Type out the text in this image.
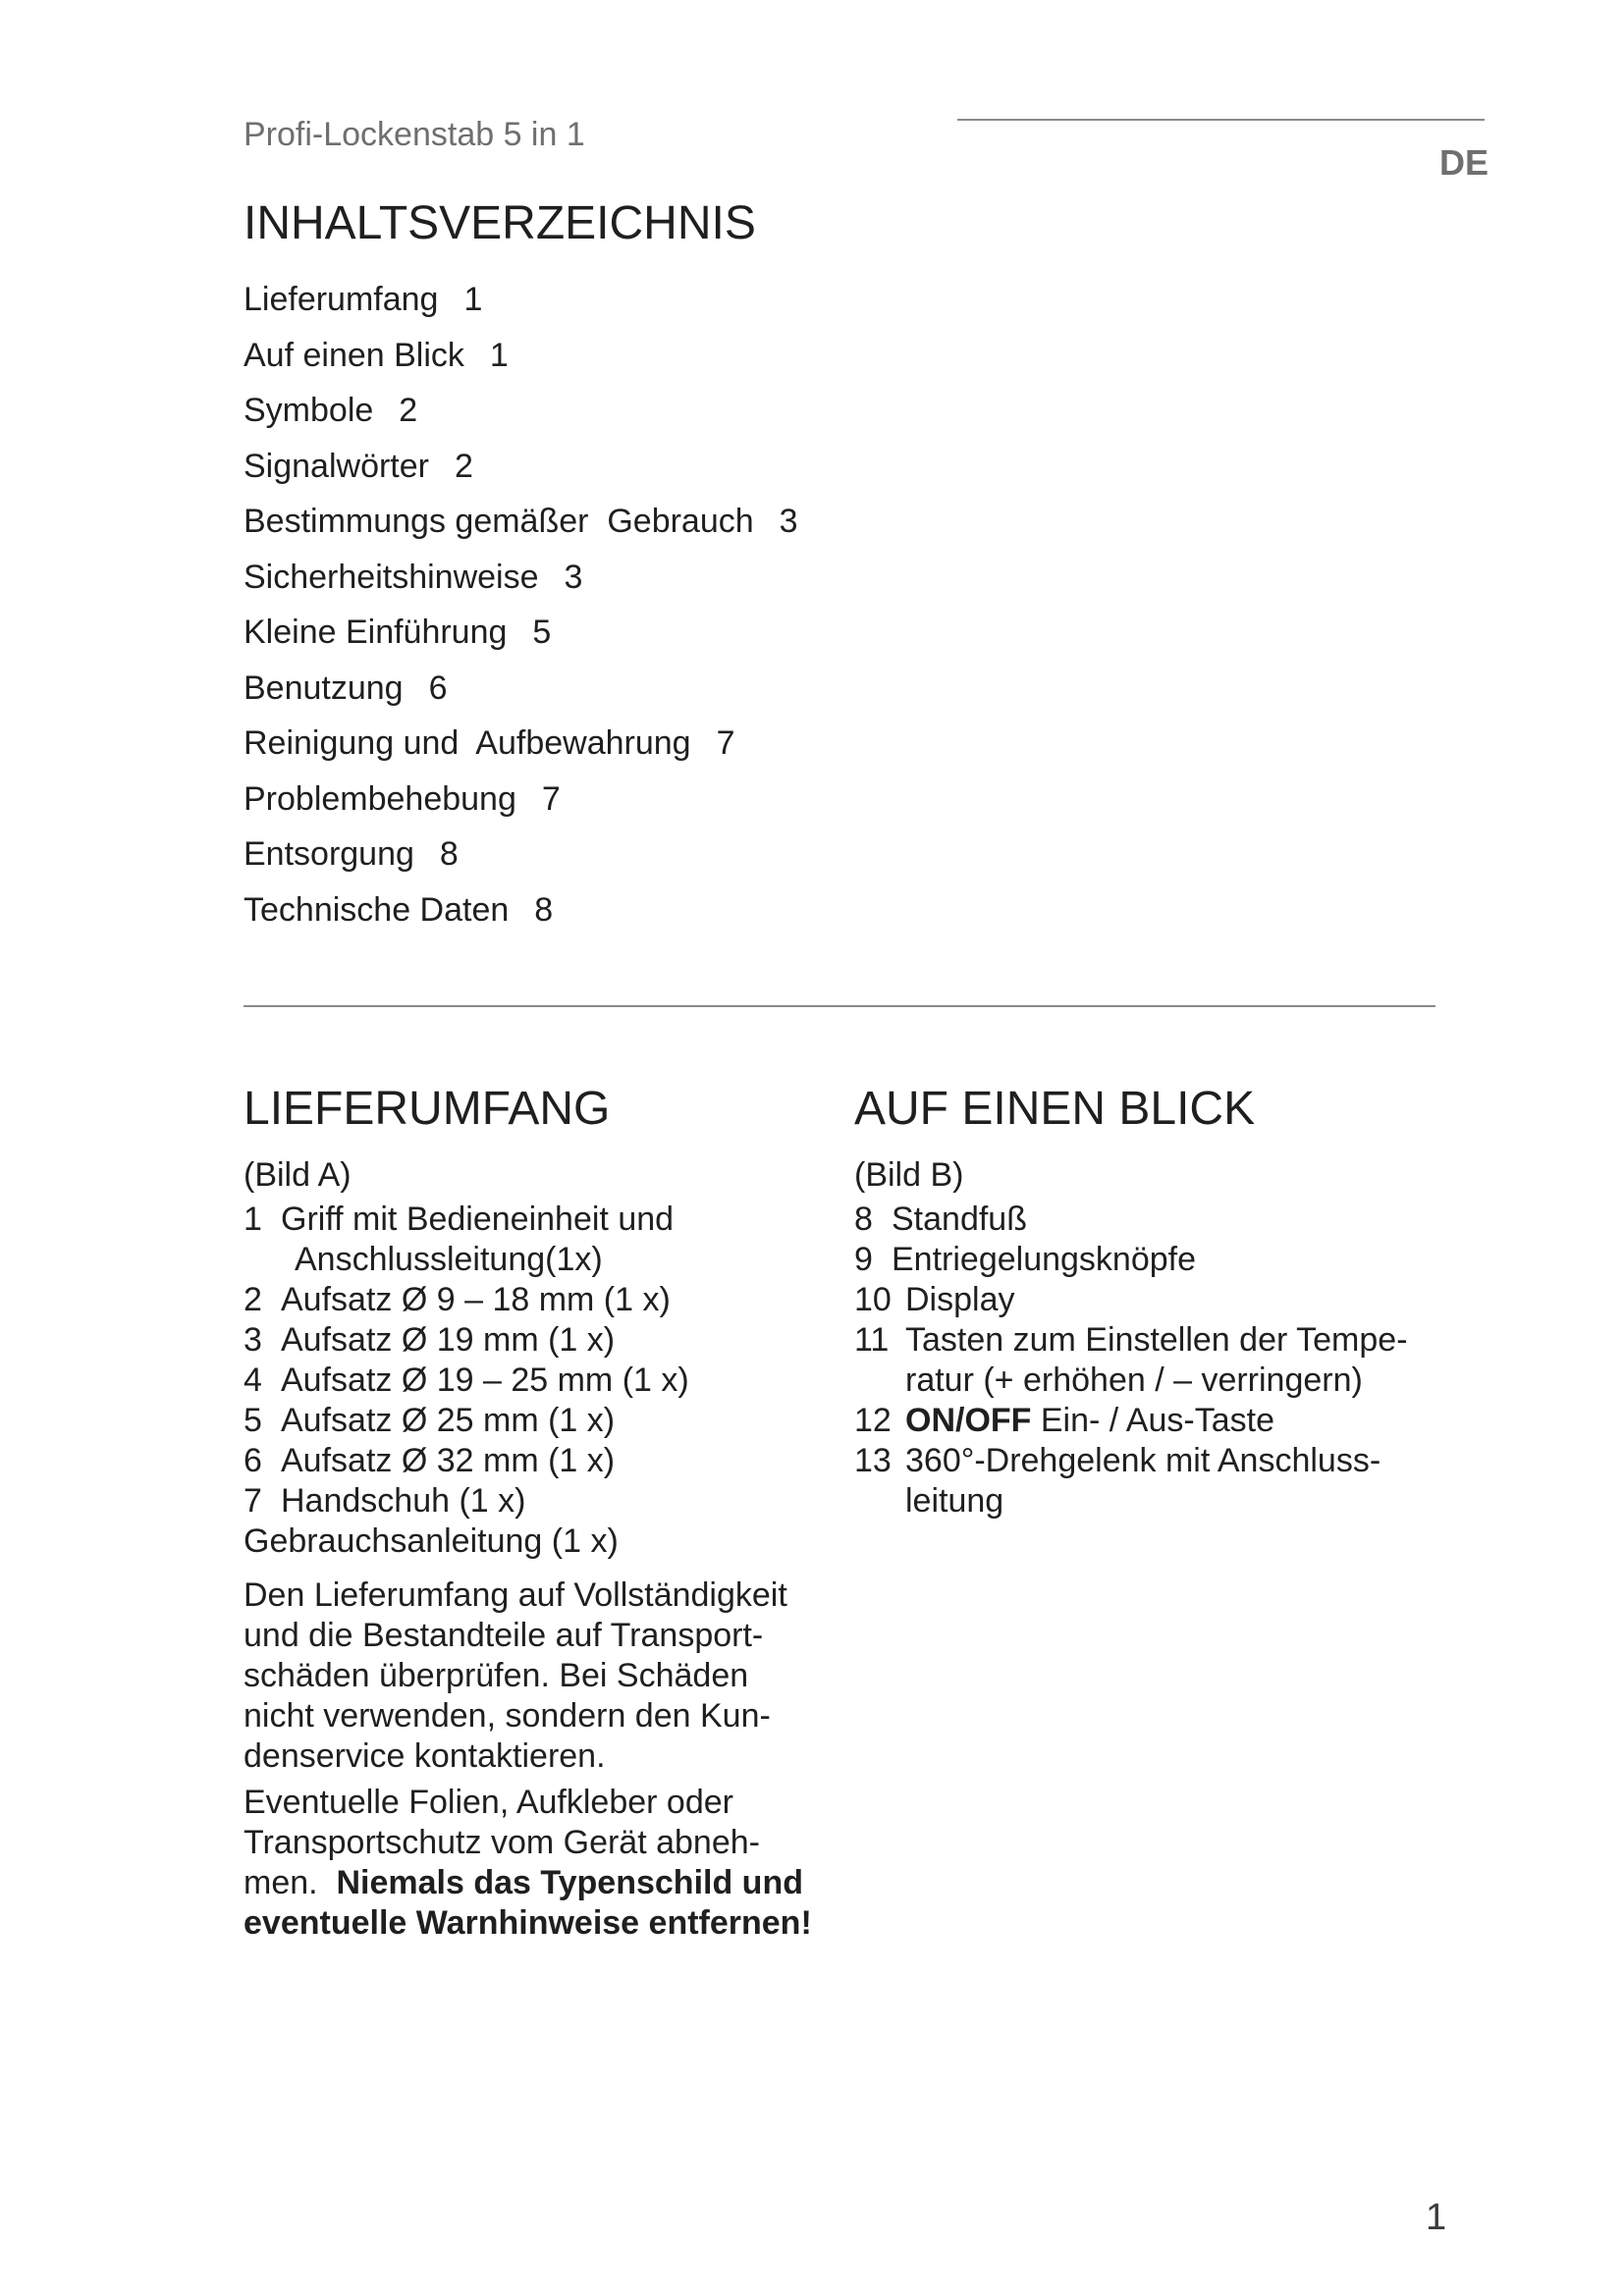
Profi-Lockenstab 5 in 1
DE
INHALTSVERZEICHNIS
Lieferumfang 1
Auf einen Blick 1
Symbole 2
Signalwörter 2
Bestimmungs gemäßer  Gebrauch 3
Sicherheitshinweise 3
Kleine Einführung 5
Benutzung 6
Reinigung und  Aufbewahrung 7
Problembehebung 7
Entsorgung 8
Technische Daten 8
LIEFERUMFANG

(Bild A)

1 Griff mit Bedieneinheit und
Anschlussleitung(1x)
2 Aufsatz Ø 9 – 18 mm (1 x)
3 Aufsatz Ø 19 mm (1 x)
4 Aufsatz Ø 19 – 25 mm (1 x)
5 Aufsatz Ø 25 mm (1 x)
6 Aufsatz Ø 32 mm (1 x)
7 Handschuh (1 x)

Gebrauchsanleitung (1 x)

Den Lieferumfang auf Vollständigkeit und die Bestandteile auf Transportschäden überprüfen. Bei Schäden nicht verwenden, sondern den Kundenservice kontaktieren.

Eventuelle Folien, Aufkleber oder Transportschutz vom Gerät abnehmen. Niemals das Typenschild und eventuelle Warnhinweise entfernen!

AUF EINEN BLICK

(Bild B)

8 Standfuß
9 Entriegelungsknöpfe
10 Display
11 Tasten zum Einstellen der Temperatur (+ erhöhen / – verringern)
12 ON/OFF Ein- / Aus-Taste
13 360°-Drehgelenk mit Anschlussleitung
1
